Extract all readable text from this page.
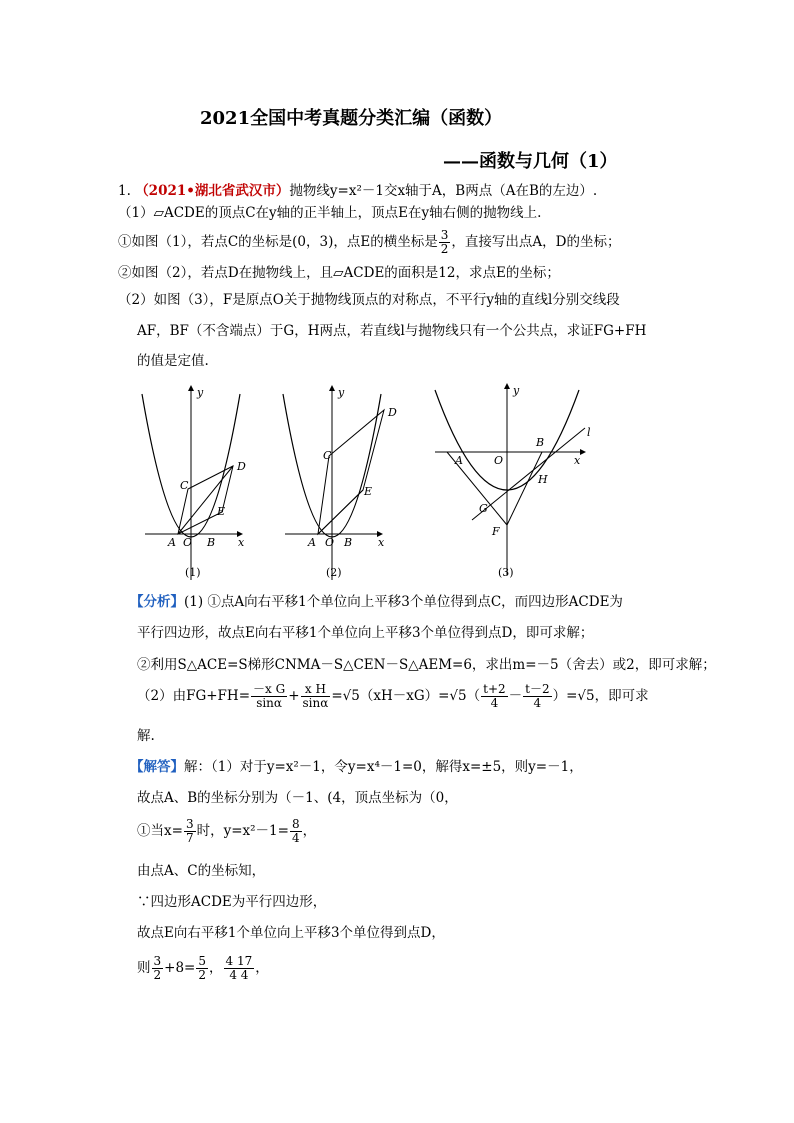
2021全国中考真题分类汇编（函数）
——函数与几何（1）
1. （2021•湖北省武汉市）抛物线y=x²－1交x轴于A，B两点（A在B的左边）.
（1）▱ACDE的顶点C在y轴的正半轴上，顶点E在y轴右侧的抛物线上.
①如图（1），若点C的坐标是(0，3)，点E的横坐标是 $\frac{3}{2}$ ，直接写出点A，D的坐标；
②如图（2），若点D在抛物线上，且▱ACDE的面积是12，求点E的坐标；
（2）如图（3），F是原点O关于抛物线顶点的对称点，不平行y轴的直线l分别交线段
AF，BF（不含端点）于G，H两点，若直线l与抛物线只有一个公共点，求证FG+FH
的值是定值.
y
x
A O B
C
D
E
(1)
y
x
A O B
C
D
E
(2)
y
x
A	O
B
l
H
G
F
(3)
【分析】(1) ①点A向右平移1个单位向上平移3个单位得到点C，而四边形ACDE为
平行四边形，故点E向右平移1个单位向上平移3个单位得到点D，即可求解；
②利用S△ACE=S梯形CNMA－S△CEN－S△AEM=6，求出m=－5（舍去）或2，即可求解；
（2）由$FG+FH= \frac{\text{－x G}}{\sin\alpha} + \frac{\text{x H}}{\sin\alpha} =√5(xH-xG)=√5( \frac{t+2}{4} - \frac{t-2}{4} )=√5$，即可求
解.
【解答】解：（1）对于y=x²－1，令y=x⁴－1=0，解得x=±5，则y=－1，
故点A、B的坐标分别为（－1、(4，顶点坐标为（0，
①当$x= \frac{3}{7}$ 时，$y=x^2-1= \frac{8}{4}$ ，
由点A、C的坐标知，
∵四边形ACDE为平行四边形，
故点E向右平移1个单位向上平移3个单位得到点D，
则 $\frac{3}{2} +8= \frac{5}{2}$ ， $\frac{4 17}{4 4}$ ，
